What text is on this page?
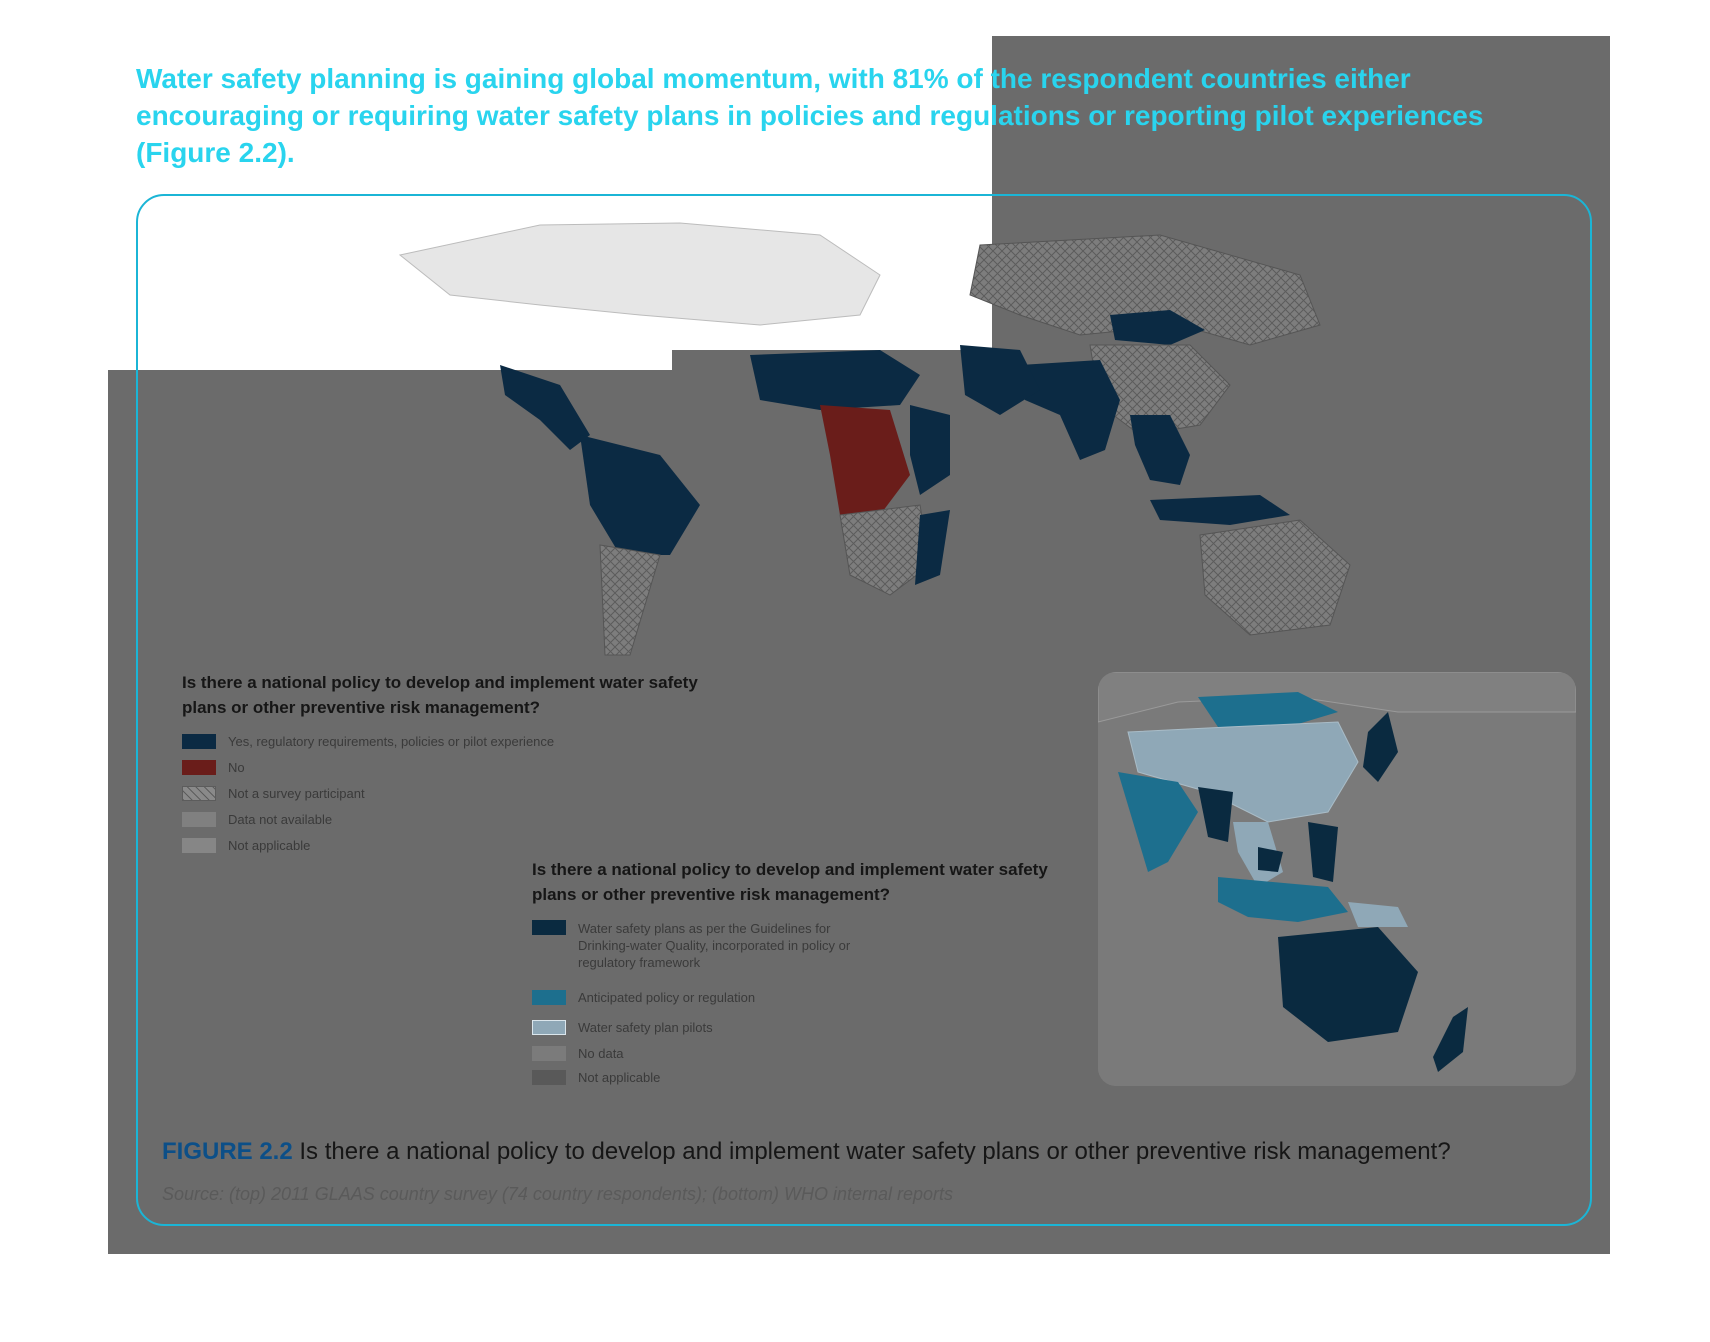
Water safety planning is gaining global momentum, with 81% of the respondent countries either encouraging or requiring water safety plans in policies and regulations or reporting pilot experiences (Figure 2.2).

Is there a national policy to develop and implement water safety plans or other preventive risk management?

Yes, regulatory requirements, policies or pilot experience
No
Not a survey participant
Data not available
Not applicable

Is there a national policy to develop and implement water safety plans or other preventive risk management?

Water safety plans as per the Guidelines for Drinking-water Quality, incorporated in policy or regulatory framework
Anticipated policy or regulation
Water safety plan pilots
No data
Not applicable

FIGURE 2.2 Is there a national policy to develop and implement water safety plans or other preventive risk management?

Source: (top) 2011 GLAAS country survey (74 country respondents); (bottom) WHO internal reports
